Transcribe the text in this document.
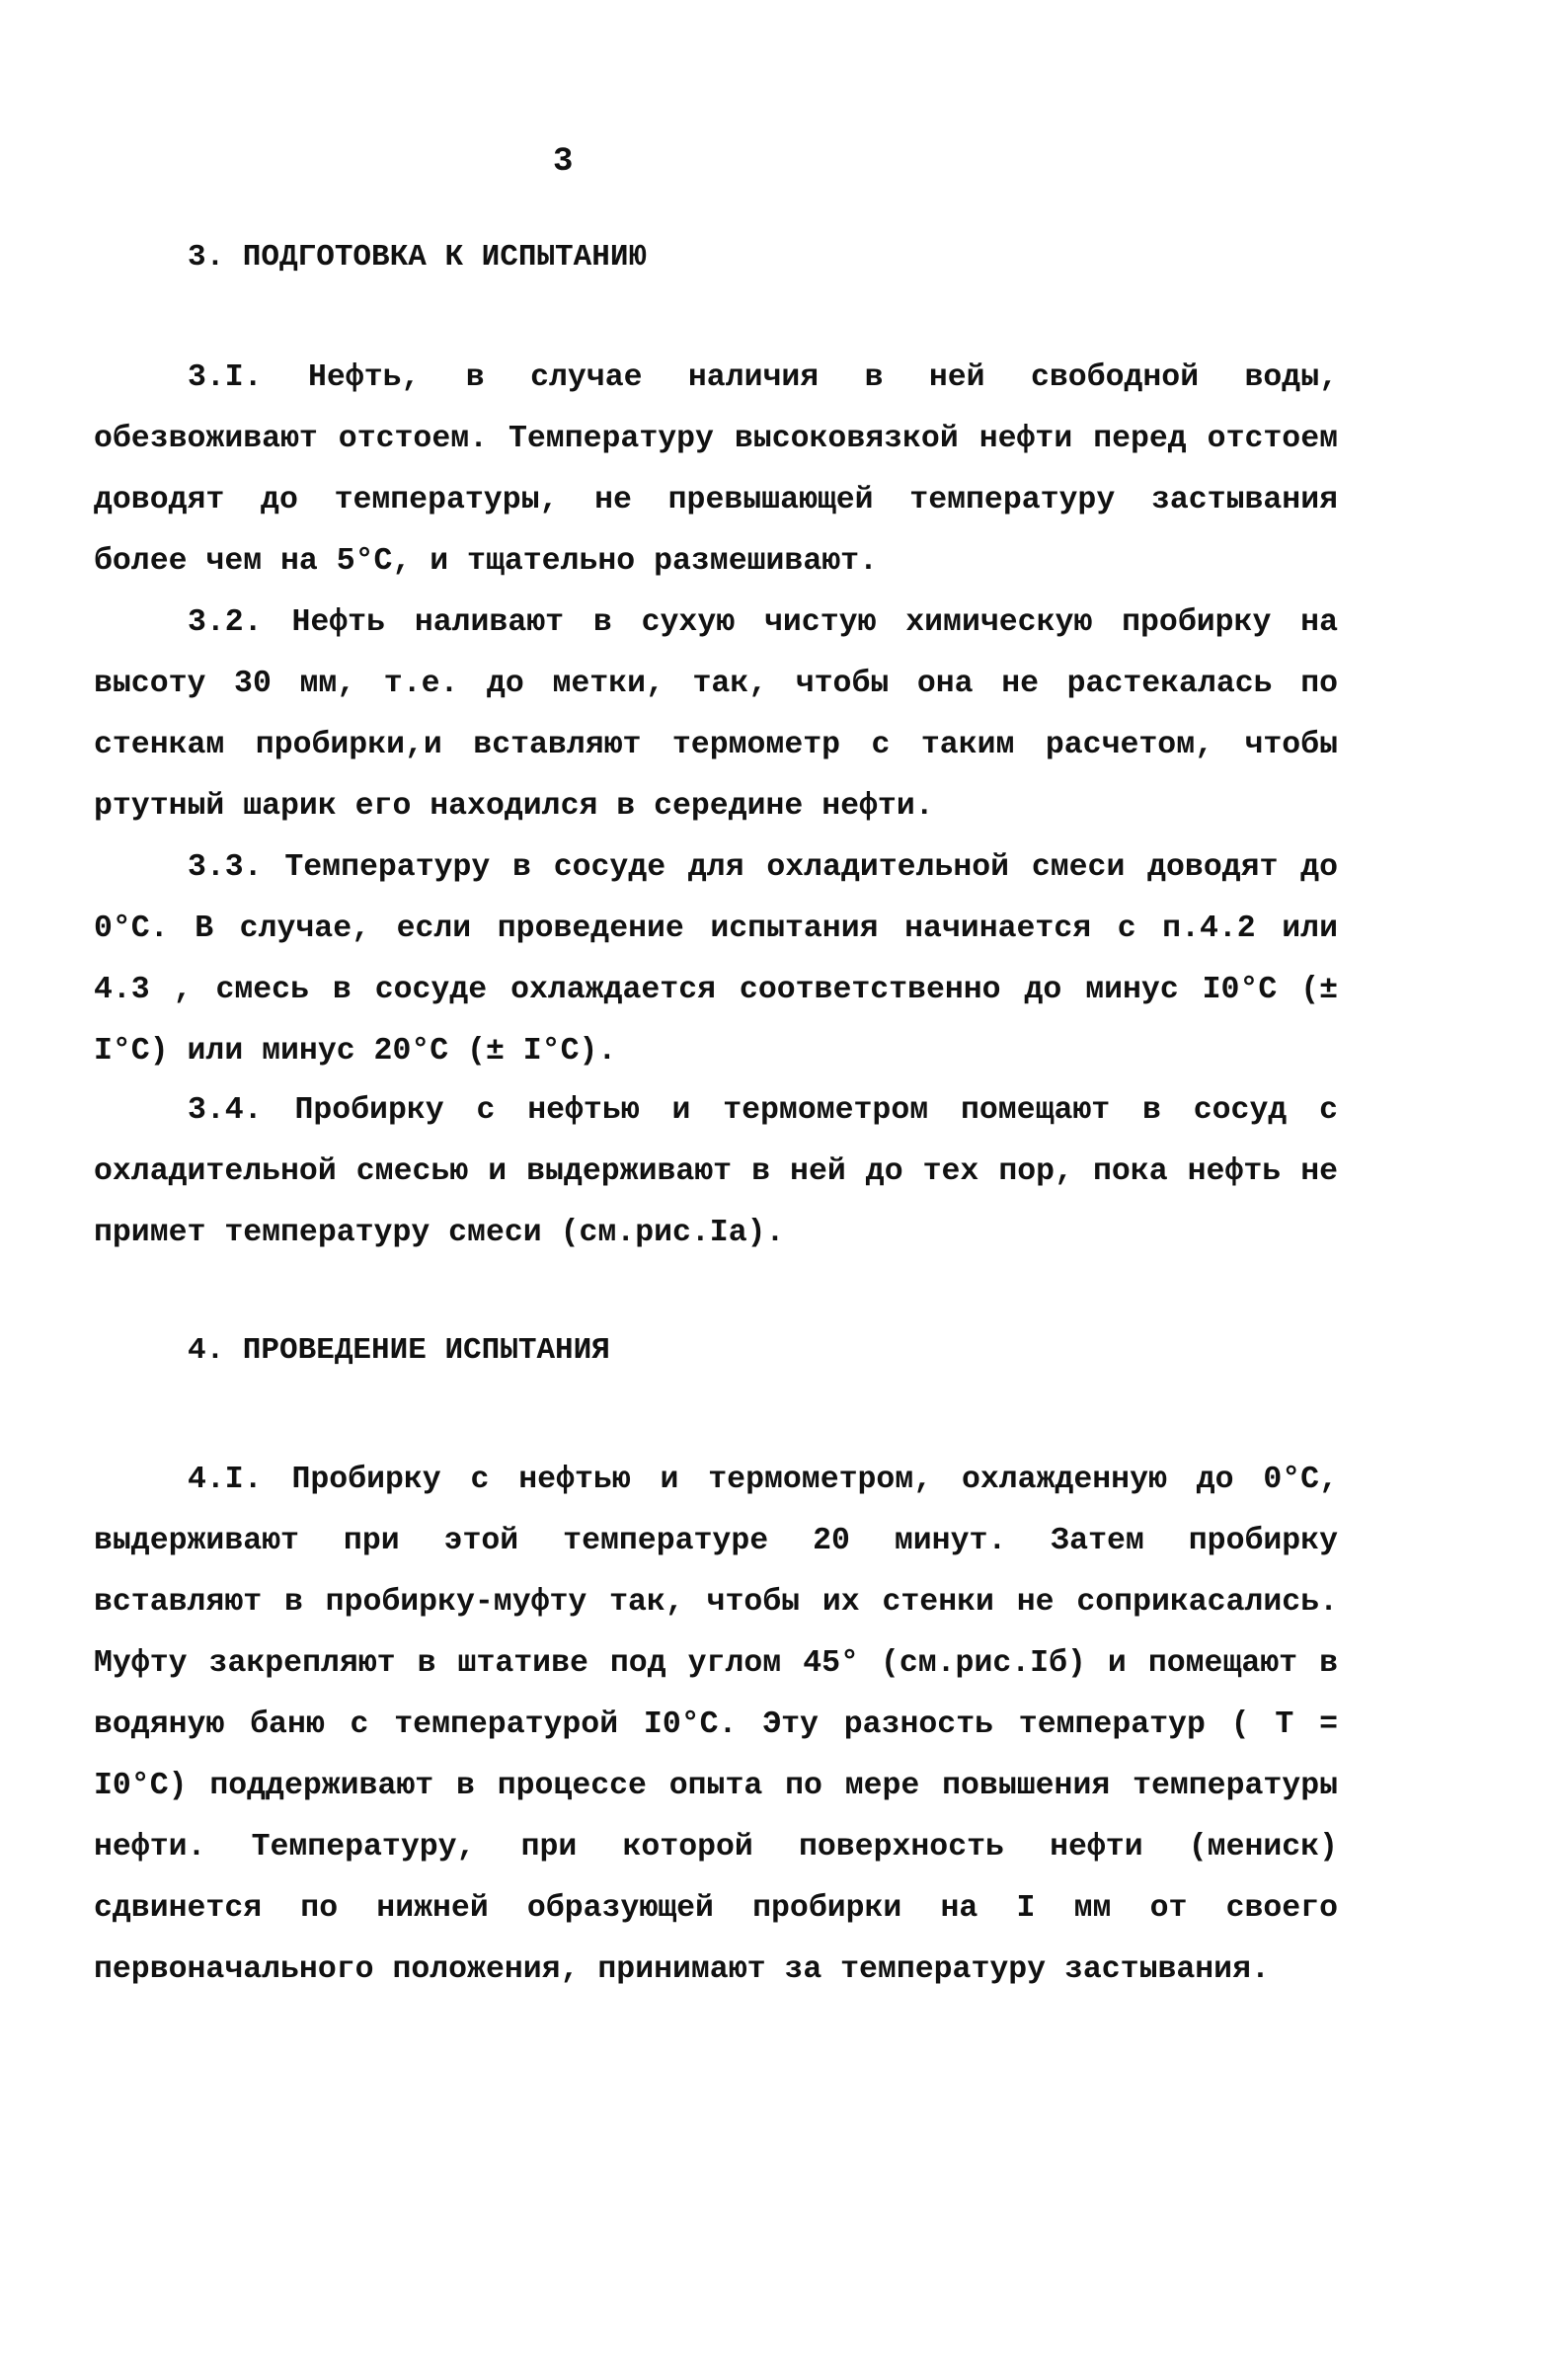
3
3. ПОДГОТОВКА К ИСПЫТАНИЮ

3.I. Нефть, в случае наличия в ней свободной воды, обезвоживают отстоем. Температуру высоковязкой нефти перед отстоем доводят до температуры, не превышающей температуру застывания более чем на 5°С, и тщательно размешивают.

3.2. Нефть наливают в сухую чистую химическую пробирку на высоту 30 мм, т.е. до метки, так, чтобы она не растекалась по стенкам пробирки,и вставляют термометр с таким расчетом, чтобы ртутный шарик его находился в середине нефти.

3.3. Температуру в сосуде для охладительной смеси доводят до 0°С. В случае, если проведение испытания начинается с п.4.2 или 4.3 , смесь в сосуде охлаждается соответственно до минус I0°С (± I°С) или минус 20°С (± I°С).

3.4. Пробирку с нефтью и термометром помещают в сосуд с охладительной смесью и выдерживают в ней до тех пор, пока нефть не примет температуру смеси (см.рис.Iа).

4. ПРОВЕДЕНИЕ ИСПЫТАНИЯ

4.I. Пробирку с нефтью и термометром, охлажденную до 0°С, выдерживают при этой температуре 20 минут. Затем пробирку вставляют в пробирку-муфту так, чтобы их стенки не соприкасались. Муфту закрепляют в штативе под углом 45° (см.рис.Iб) и помещают в водяную баню с температурой I0°С. Эту разность температур ( Т = I0°С) поддерживают в процессе опыта по мере повышения температуры нефти. Температуру, при которой поверхность нефти (мениск) сдвинется по нижней образующей пробирки на I мм от своего первоначального положения, принимают за температуру застывания.
